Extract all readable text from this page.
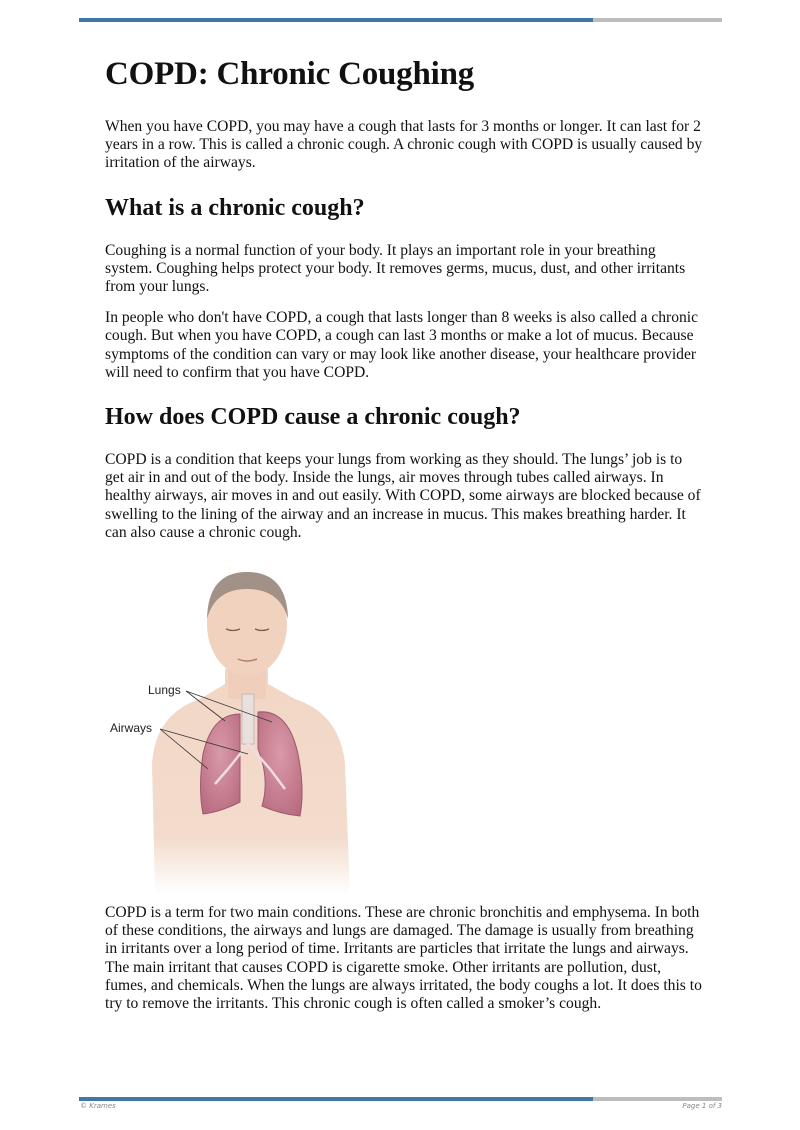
COPD: Chronic Coughing

When you have COPD, you may have a cough that lasts for 3 months or longer. It can last for 2 years in a row. This is called a chronic cough. A chronic cough with COPD is usually caused by irritation of the airways.

What is a chronic cough?

Coughing is a normal function of your body. It plays an important role in your breathing system. Coughing helps protect your body. It removes germs, mucus, dust, and other irritants from your lungs.

In people who don't have COPD, a cough that lasts longer than 8 weeks is also called a chronic cough. But when you have COPD, a cough can last 3 months or make a lot of mucus. Because symptoms of the condition can vary or may look like another disease, your healthcare provider will need to confirm that you have COPD.

How does COPD cause a chronic cough?

COPD is a condition that keeps your lungs from working as they should. The lungs’ job is to get air in and out of the body. Inside the lungs, air moves through tubes called airways. In healthy airways, air moves in and out easily. With COPD, some airways are blocked because of swelling to the lining of the airway and an increase in mucus. This makes breathing harder. It can also cause a chronic cough.

Lungs
Airways

COPD is a term for two main conditions. These are chronic bronchitis and emphysema. In both of these conditions, the airways and lungs are damaged. The damage is usually from breathing in irritants over a long period of time. Irritants are particles that irritate the lungs and airways. The main irritant that causes COPD is cigarette smoke. Other irritants are pollution, dust, fumes, and chemicals. When the lungs are always irritated, the body coughs a lot. It does this to try to remove the irritants. This chronic cough is often called a smoker’s cough.

© Krames	Page 1 of 3
